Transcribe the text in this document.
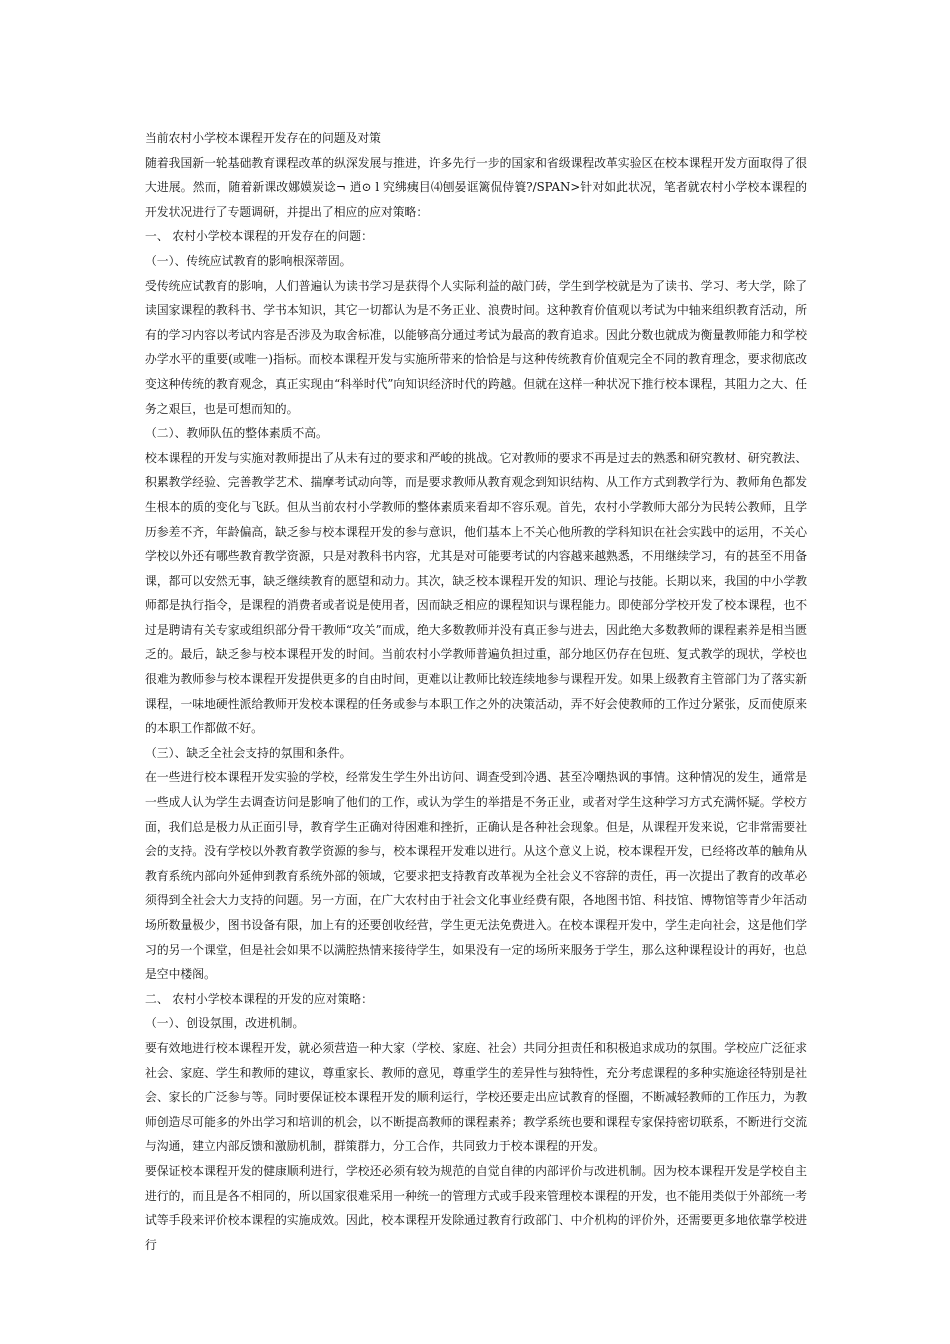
当前农村小学校本课程开发存在的问题及对策

随着我国新一轮基础教育课程改革的纵深发展与推进，许多先行一步的国家和省级课程改革实验区在校本课程开发方面取得了很大进展。然而，随着新课改娜嫫炭谂¬ 逍⊙ l 究绋痍目⑷刨晏诓篱侃侍簑?/SPAN>针对如此状况，笔者就农村小学校本课程的开发状况进行了专题调研，并提出了相应的应对策略：

一、 农村小学校本课程的开发存在的问题：

（一）、传统应试教育的影响根深蒂固。

受传统应试教育的影响，人们普遍认为读书学习是获得个人实际利益的敲门砖，学生到学校就是为了读书、学习、考大学，除了读国家课程的教科书、学书本知识，其它一切都认为是不务正业、浪费时间。这种教育价值观以考试为中轴来组织教育活动，所有的学习内容以考试内容是否涉及为取舍标准，以能够高分通过考试为最高的教育追求。因此分数也就成为衡量教师能力和学校办学水平的重要(或唯一)指标。而校本课程开发与实施所带来的恰恰是与这种传统教育价值观完全不同的教育理念，要求彻底改变这种传统的教育观念，真正实现由“科举时代”向知识经济时代的跨越。但就在这样一种状况下推行校本课程，其阻力之大、任务之艰巨，也是可想而知的。

（二）、教师队伍的整体素质不高。

校本课程的开发与实施对教师提出了从未有过的要求和严峻的挑战。它对教师的要求不再是过去的熟悉和研究教材、研究教法、积累教学经验、完善教学艺术、揣摩考试动向等，而是要求教师从教育观念到知识结构、从工作方式到教学行为、教师角色都发生根本的质的变化与飞跃。但从当前农村小学教师的整体素质来看却不容乐观。首先，农村小学教师大部分为民转公教师，且学历参差不齐，年龄偏高，缺乏参与校本课程开发的参与意识，他们基本上不关心他所教的学科知识在社会实践中的运用，不关心学校以外还有哪些教育教学资源，只是对教科书内容，尤其是对可能要考试的内容越来越熟悉，不用继续学习，有的甚至不用备课，都可以安然无事，缺乏继续教育的愿望和动力。其次，缺乏校本课程开发的知识、理论与技能。长期以来，我国的中小学教师都是执行指令，是课程的消费者或者说是使用者，因而缺乏相应的课程知识与课程能力。即使部分学校开发了校本课程，也不过是聘请有关专家或组织部分骨干教师“攻关”而成，绝大多数教师并没有真正参与进去，因此绝大多数教师的课程素养是相当匮乏的。最后，缺乏参与校本课程开发的时间。当前农村小学教师普遍负担过重，部分地区仍存在包班、复式教学的现状，学校也很难为教师参与校本课程开发提供更多的自由时间，更难以让教师比较连续地参与课程开发。如果上级教育主管部门为了落实新课程，一味地硬性派给教师开发校本课程的任务或参与本职工作之外的决策活动，弄不好会使教师的工作过分紧张，反而使原来的本职工作都做不好。

（三）、缺乏全社会支持的氛围和条件。

在一些进行校本课程开发实验的学校，经常发生学生外出访问、调查受到冷遇、甚至冷嘲热讽的事情。这种情况的发生，通常是一些成人认为学生去调查访问是影响了他们的工作，或认为学生的举措是不务正业，或者对学生这种学习方式充满怀疑。学校方面，我们总是极力从正面引导，教育学生正确对待困难和挫折，正确认是各种社会现象。但是，从课程开发来说，它非常需要社会的支持。没有学校以外教育教学资源的参与，校本课程开发难以进行。从这个意义上说，校本课程开发，已经将改革的触角从教育系统内部向外延伸到教育系统外部的领域，它要求把支持教育改革视为全社会义不容辞的责任，再一次提出了教育的改革必须得到全社会大力支持的问题。另一方面，在广大农村由于社会文化事业经费有限，各地图书馆、科技馆、博物馆等青少年活动场所数量极少，图书设备有限，加上有的还要创收经营，学生更无法免费进入。在校本课程开发中，学生走向社会，这是他们学习的另一个课堂，但是社会如果不以满腔热情来接待学生，如果没有一定的场所来服务于学生，那么这种课程设计的再好，也总是空中楼阁。

二、 农村小学校本课程的开发的应对策略：

（一）、创设氛围，改进机制。

要有效地进行校本课程开发，就必须营造一种大家（学校、家庭、社会）共同分担责任和积极追求成功的氛围。学校应广泛征求社会、家庭、学生和教师的建议，尊重家长、教师的意见，尊重学生的差异性与独特性，充分考虑课程的多种实施途径特别是社会、家长的广泛参与等。同时要保证校本课程开发的顺利运行，学校还要走出应试教育的怪圈，不断减轻教师的工作压力，为教师创造尽可能多的外出学习和培训的机会，以不断提高教师的课程素养；教学系统也要和课程专家保持密切联系，不断进行交流与沟通，建立内部反馈和激励机制，群策群力，分工合作，共同致力于校本课程的开发。

要保证校本课程开发的健康顺利进行，学校还必须有较为规范的自觉自律的内部评价与改进机制。因为校本课程开发是学校自主进行的，而且是各不相同的，所以国家很难采用一种统一的管理方式或手段来管理校本课程的开发，也不能用类似于外部统一考试等手段来评价校本课程的实施成效。因此，校本课程开发除通过教育行政部门、中介机构的评价外，还需要更多地依靠学校进行
